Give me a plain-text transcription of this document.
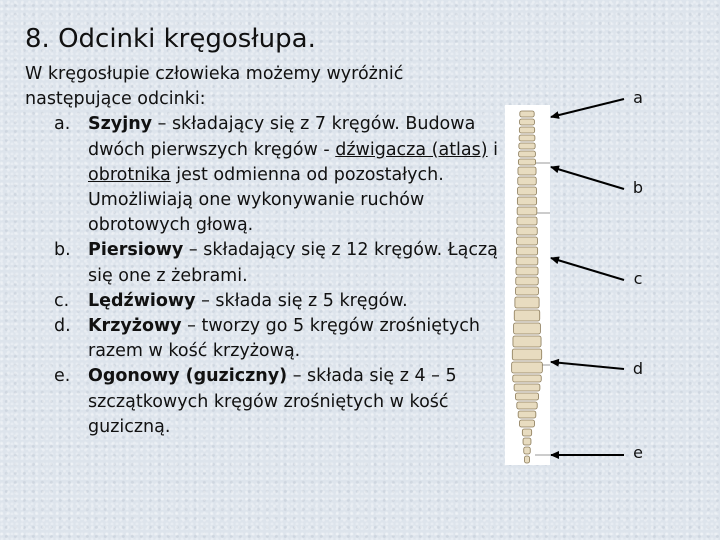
8. Odcinki kręgosłupa.

W kręgosłupie człowieka możemy wyróżnić następujące odcinki:

a. Szyjny – składający się z 7 kręgów. Budowa dwóch pierwszych kręgów - dźwigacza (atlas) i obrotnika jest odmienna od pozostałych. Umożliwiają one wykonywanie ruchów obrotowych głową.
b. Piersiowy – składający się z 12 kręgów. Łączą się one z żebrami.
c. Lędźwiowy – składa się z 5 kręgów.
d. Krzyżowy – tworzy go 5 kręgów zrośniętych razem w kość krzyżową.
e. Ogonowy (guziczny) – składa się z 4 – 5 szczątkowych kręgów zrośniętych w kość guziczną.
a
b
c
d
e
